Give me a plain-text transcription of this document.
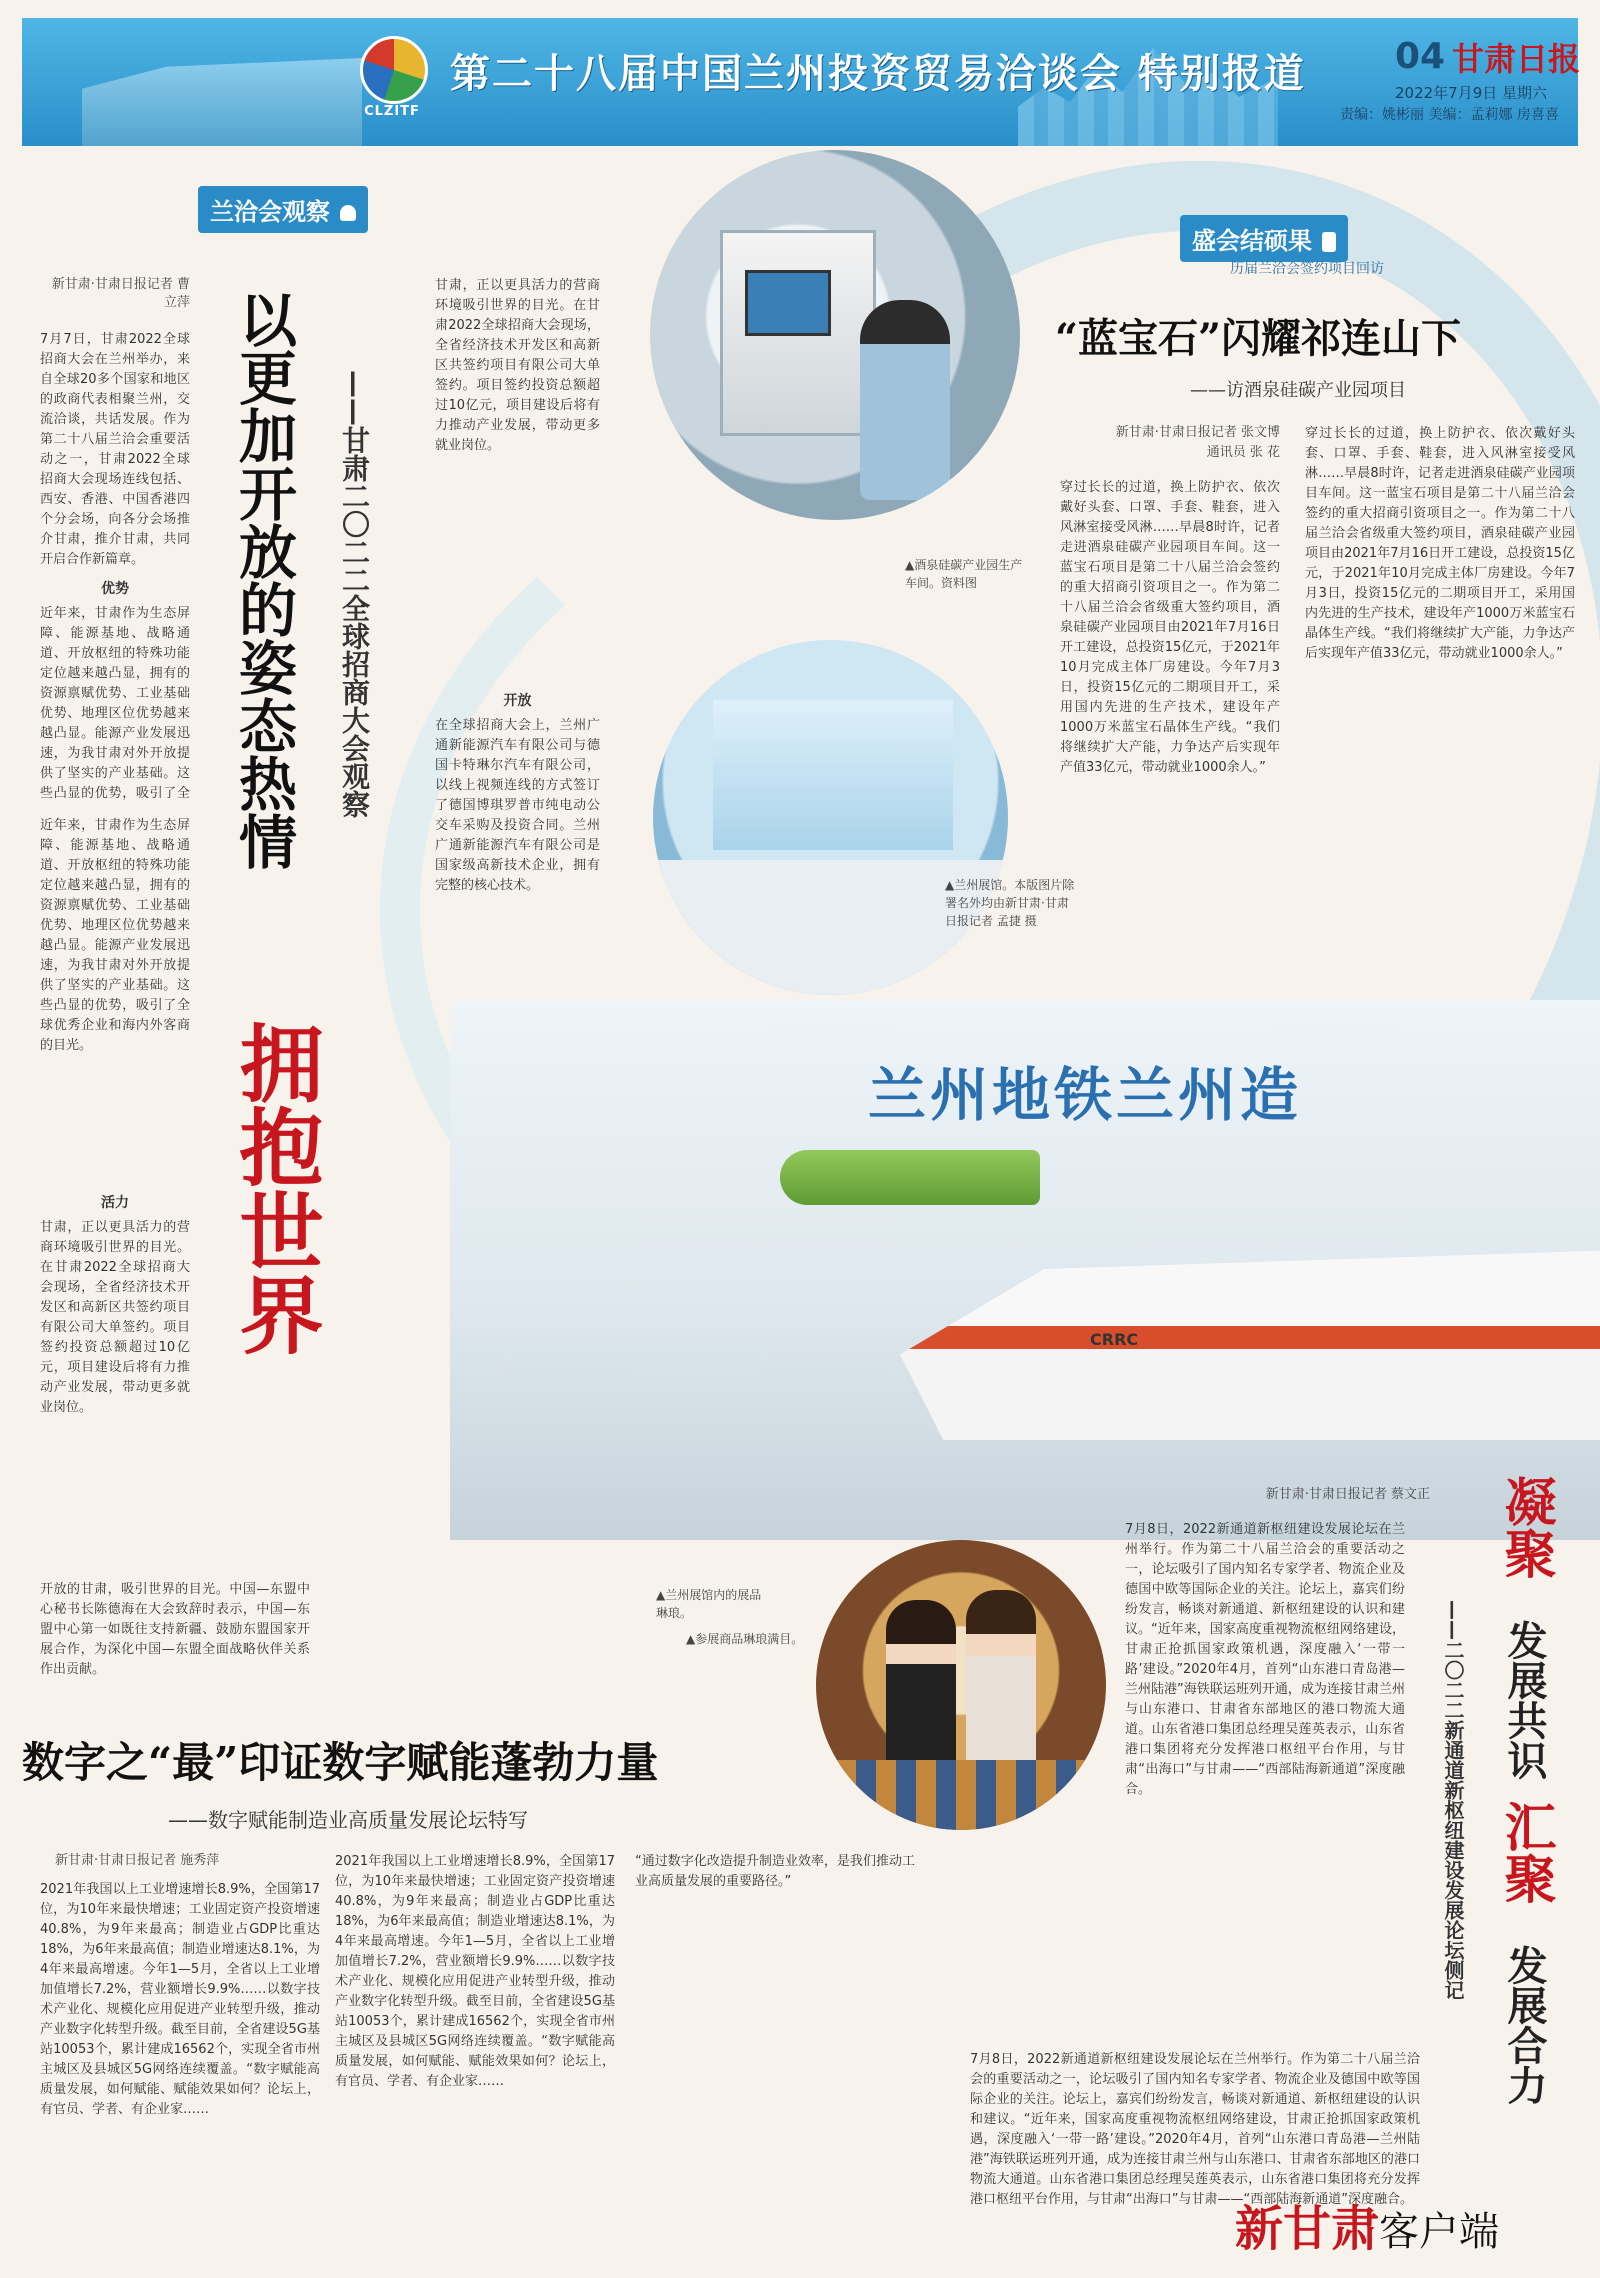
CLZITF
第二十八届中国兰州投资贸易洽谈会 特别报道 04 甘肃日报
2022年7月9日 星期六
责编：姚彬丽 美编：孟莉娜 房喜喜
兰洽会观察
新甘肃·甘肃日报记者 曹立萍
7月7日，甘肃2022全球招商大会在兰州举办，来自全球20多个国家和地区的政商代表相聚兰州，交流洽谈，共话发展。作为第二十八届兰洽会重要活动之一，甘肃2022全球招商大会现场连线包括、西安、香港、中国香港四个分会场，向各分会场推介甘肃，推介甘肃，共同开启合作新篇章。
优势
近年来，甘肃作为生态屏障、能源基地、战略通道、开放枢纽的特殊功能定位越来越凸显，拥有的资源禀赋优势、工业基础优势、地理区位优势越来越凸显。能源产业发展迅速，为我甘肃对外开放提供了坚实的产业基础。这些凸显的优势，吸引了全
近年来，甘肃作为生态屏障、能源基地、战略通道、开放枢纽的特殊功能定位越来越凸显，拥有的资源禀赋优势、工业基础优势、地理区位优势越来越凸显。能源产业发展迅速，为我甘肃对外开放提供了坚实的产业基础。这些凸显的优势，吸引了全球优秀企业和海内外客商的目光。
活力
甘肃，正以更具活力的营商环境吸引世界的目光。在甘肃2022全球招商大会现场，全省经济技术开发区和高新区共签约项目有限公司大单签约。项目签约投资总额超过10亿元，项目建设后将有力推动产业发展，带动更多就业岗位。
开放的甘肃，吸引世界的目光。中国—东盟中心秘书长陈德海在大会致辞时表示，中国—东盟中心第一如既往支持新疆、鼓励东盟国家开展合作，为深化中国—东盟全面战略伙伴关系作出贡献。
以更加开放的姿态热情 ——甘肃二〇二二全球招商大会观察
拥抱世界
甘肃，正以更具活力的营商环境吸引世界的目光。在甘肃2022全球招商大会现场，全省经济技术开发区和高新区共签约项目有限公司大单签约。项目签约投资总额超过10亿元，项目建设后将有力推动产业发展，带动更多就业岗位。
开放
在全球招商大会上，兰州广通新能源汽车有限公司与德国卡特琳尔汽车有限公司，以线上视频连线的方式签订了德国博琪罗普市纯电动公交车采购及投资合同。兰州广通新能源汽车有限公司是国家级高新技术企业，拥有完整的核心技术。
▲酒泉硅碳产业园生产车间。资料图
▲兰州展馆。本版图片除署名外均由新甘肃·甘肃日报记者 孟捷 摄
盛会结硕果
历届兰洽会签约项目回访
“蓝宝石”闪耀祁连山下
——访酒泉硅碳产业园项目
新甘肃·甘肃日报记者 张文博
通讯员 张 花
穿过长长的过道，换上防护衣、依次戴好头套、口罩、手套、鞋套，进入风淋室接受风淋……早晨8时许，记者走进酒泉硅碳产业园项目车间。这一蓝宝石项目是第二十八届兰洽会签约的重大招商引资项目之一。作为第二十八届兰洽会省级重大签约项目，酒泉硅碳产业园项目由2021年7月16日开工建设，总投资15亿元，于2021年10月完成主体厂房建设。今年7月3日，投资15亿元的二期项目开工，采用国内先进的生产技术，建设年产1000万米蓝宝石晶体生产线。“我们将继续扩大产能，力争达产后实现年产值33亿元，带动就业1000余人。”
穿过长长的过道，换上防护衣、依次戴好头套、口罩、手套、鞋套，进入风淋室接受风淋……早晨8时许，记者走进酒泉硅碳产业园项目车间。这一蓝宝石项目是第二十八届兰洽会签约的重大招商引资项目之一。作为第二十八届兰洽会省级重大签约项目，酒泉硅碳产业园项目由2021年7月16日开工建设，总投资15亿元，于2021年10月完成主体厂房建设。今年7月3日，投资15亿元的二期项目开工，采用国内先进的生产技术，建设年产1000万米蓝宝石晶体生产线。“我们将继续扩大产能，力争达产后实现年产值33亿元，带动就业1000余人。”
兰州地铁兰州造
CRRC
▲兰州展馆内的展品琳琅。
▲参展商品琳琅满目。
新甘肃·甘肃日报记者 蔡文正
7月8日，2022新通道新枢纽建设发展论坛在兰州举行。作为第二十八届兰洽会的重要活动之一，论坛吸引了国内知名专家学者、物流企业及德国中欧等国际企业的关注。论坛上，嘉宾们纷纷发言，畅谈对新通道、新枢纽建设的认识和建议。“近年来，国家高度重视物流枢纽网络建设，甘肃正抢抓国家政策机遇，深度融入‘一带一路’建设。”2020年4月，首列“山东港口青岛港—兰州陆港”海铁联运班列开通，成为连接甘肃兰州与山东港口、甘肃省东部地区的港口物流大通道。山东省港口集团总经理吴莲英表示，山东省港口集团将充分发挥港口枢纽平台作用，与甘肃“出海口”与甘肃——“西部陆海新通道”深度融合。
7月8日，2022新通道新枢纽建设发展论坛在兰州举行。作为第二十八届兰洽会的重要活动之一，论坛吸引了国内知名专家学者、物流企业及德国中欧等国际企业的关注。论坛上，嘉宾们纷纷发言，畅谈对新通道、新枢纽建设的认识和建议。“近年来，国家高度重视物流枢纽网络建设，甘肃正抢抓国家政策机遇，深度融入‘一带一路’建设。”2020年4月，首列“山东港口青岛港—兰州陆港”海铁联运班列开通，成为连接甘肃兰州与山东港口、甘肃省东部地区的港口物流大通道。山东省港口集团总经理吴莲英表示，山东省港口集团将充分发挥港口枢纽平台作用，与甘肃“出海口”与甘肃——“西部陆海新通道”深度融合。
凝聚
发展共识
汇聚
发展合力
——二〇二二新通道新枢纽建设发展论坛侧记
数字之“最”印证数字赋能蓬勃力量
——数字赋能制造业高质量发展论坛特写
新甘肃·甘肃日报记者 施秀萍
2021年我国以上工业增速增长8.9%，全国第17位，为10年来最快增速；工业固定资产投资增速40.8%，为9年来最高；制造业占GDP比重达18%，为6年来最高值；制造业增速达8.1%，为4年来最高增速。今年1—5月，全省以上工业增加值增长7.2%，营业额增长9.9%……以数字技术产业化、规模化应用促进产业转型升级，推动产业数字化转型升级。截至目前，全省建设5G基站10053个，累计建成16562个，实现全省市州主城区及县城区5G网络连续覆盖。“数字赋能高质量发展，如何赋能、赋能效果如何？论坛上，有官员、学者、有企业家……
2021年我国以上工业增速增长8.9%，全国第17位，为10年来最快增速；工业固定资产投资增速40.8%，为9年来最高；制造业占GDP比重达18%，为6年来最高值；制造业增速达8.1%，为4年来最高增速。今年1—5月，全省以上工业增加值增长7.2%，营业额增长9.9%……以数字技术产业化、规模化应用促进产业转型升级，推动产业数字化转型升级。截至目前，全省建设5G基站10053个，累计建成16562个，实现全省市州主城区及县城区5G网络连续覆盖。“数字赋能高质量发展，如何赋能、赋能效果如何？论坛上，有官员、学者、有企业家……
“通过数字化改造提升制造业效率，是我们推动工业高质量发展的重要路径。”
新甘肃客户端
